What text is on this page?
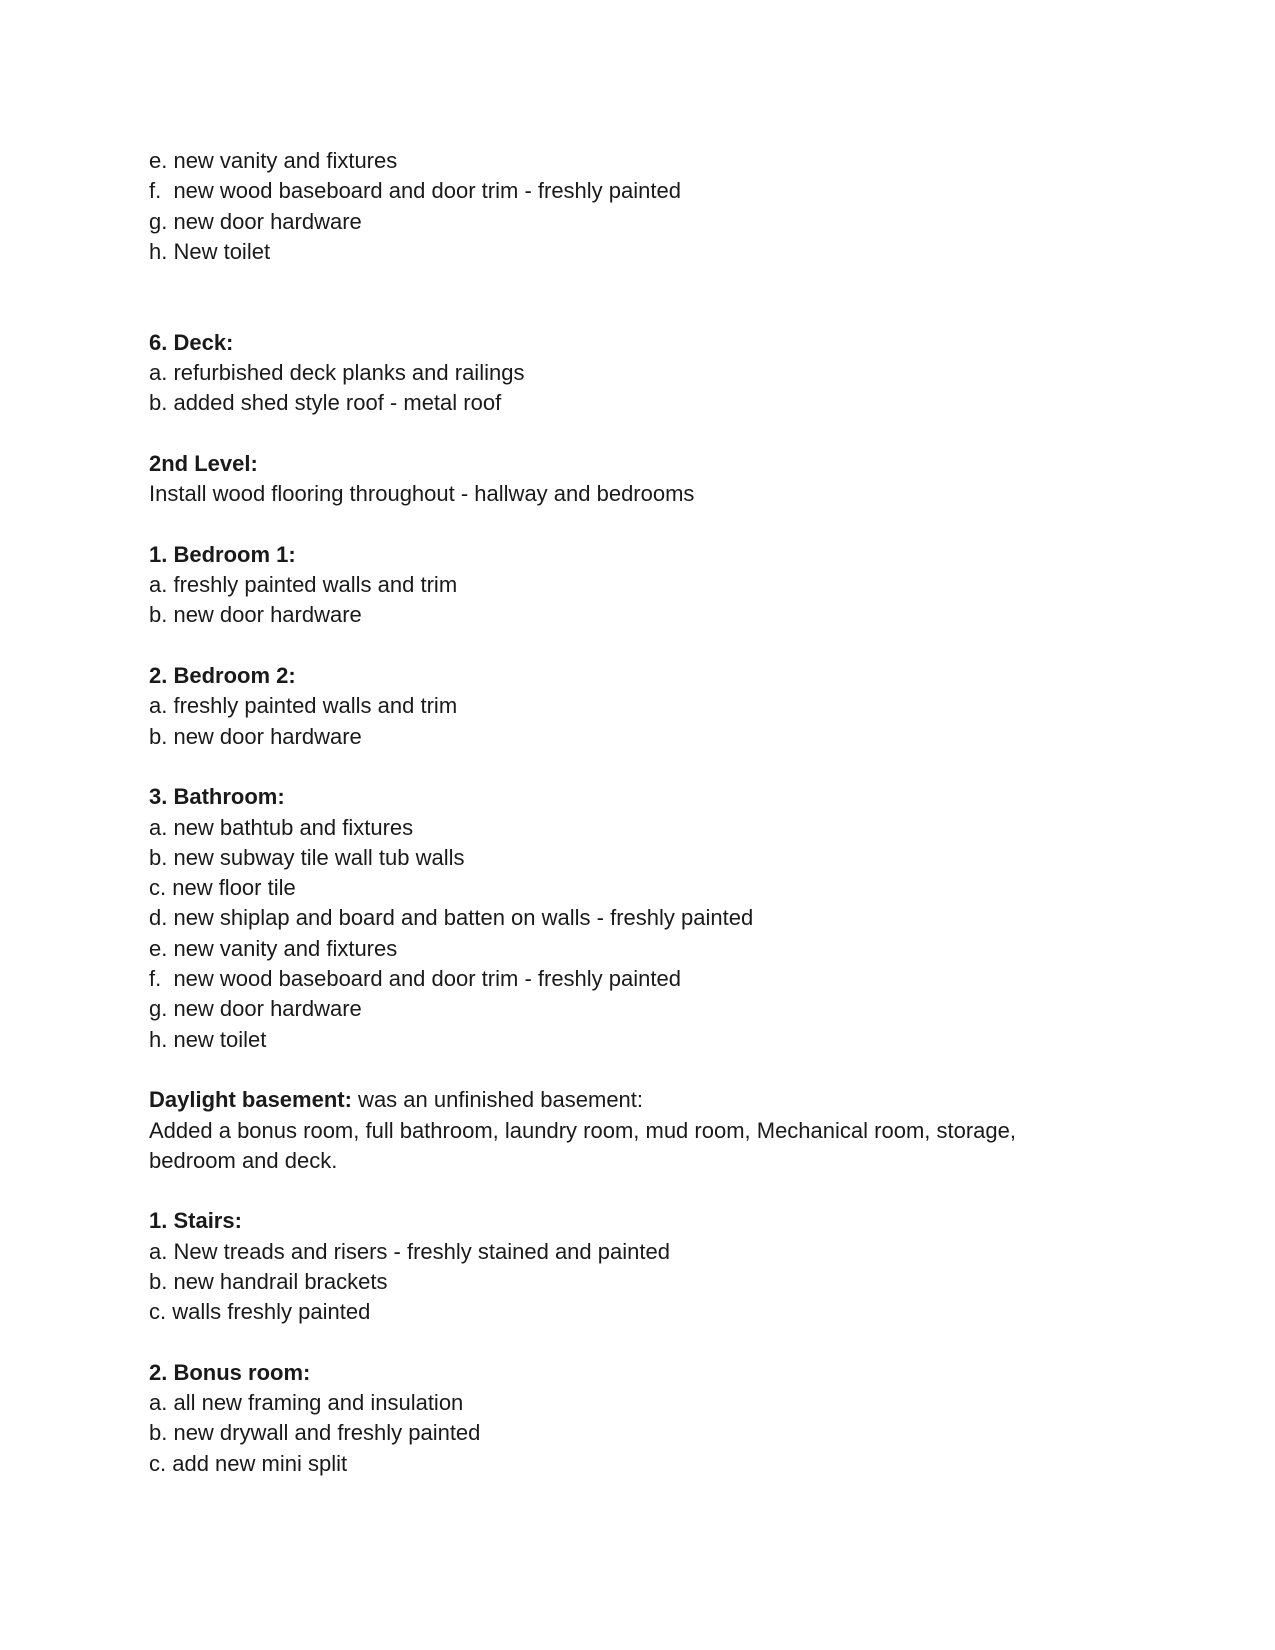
e. new vanity and fixtures

f.  new wood baseboard and door trim - freshly painted

g. new door hardware

h. New toilet

6. Deck:

a. refurbished deck planks and railings

b. added shed style roof - metal roof

2nd Level:

Install wood flooring throughout - hallway and bedrooms

1. Bedroom 1:

a. freshly painted walls and trim

b. new door hardware

2. Bedroom 2:

a. freshly painted walls and trim

b. new door hardware

3. Bathroom:

a. new bathtub and fixtures

b. new subway tile wall tub walls

c. new floor tile

d. new shiplap and board and batten on walls - freshly painted

e. new vanity and fixtures

f.  new wood baseboard and door trim - freshly painted

g. new door hardware

h. new toilet

Daylight basement: was an unfinished basement:

Added a bonus room, full bathroom, laundry room, mud room, Mechanical room, storage,

bedroom and deck.

1. Stairs:

a. New treads and risers - freshly stained and painted

b. new handrail brackets

c. walls freshly painted

2. Bonus room:

a. all new framing and insulation

b. new drywall and freshly painted

c. add new mini split
